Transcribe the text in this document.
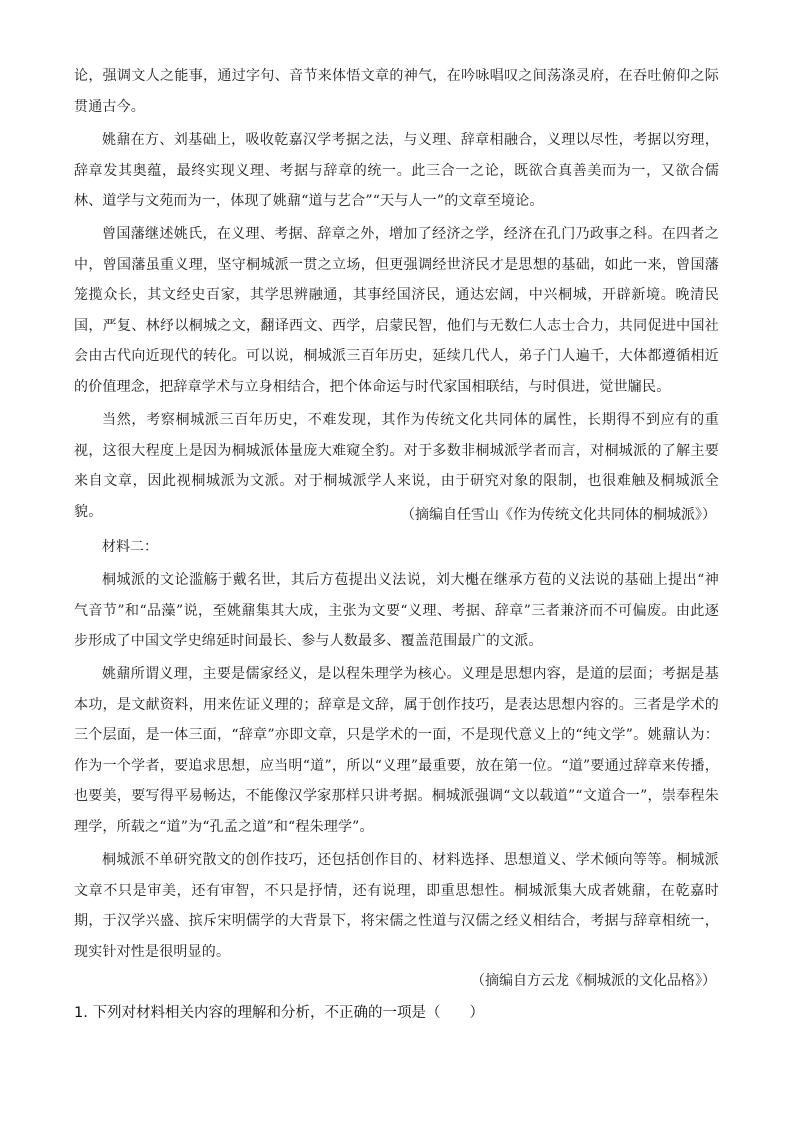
论，强调文人之能事，通过字句、音节来体悟文章的神气，在吟咏唱叹之间荡涤灵府，在吞吐俯仰之际贯通古今。

姚鼐在方、刘基础上，吸收乾嘉汉学考据之法，与义理、辞章相融合，义理以尽性，考据以穷理，辞章发其奥蕴，最终实现义理、考据与辞章的统一。此三合一之论，既欲合真善美而为一，又欲合儒林、道学与文苑而为一，体现了姚鼐“道与艺合”“天与人一”的文章至境论。

曾国藩继述姚氏，在义理、考据、辞章之外，增加了经济之学，经济在孔门乃政事之科。在四者之中，曾国藩虽重义理，坚守桐城派一贯之立场，但更强调经世济民才是思想的基础，如此一来，曾国藩笼揽众长，其文经史百家，其学思辨融通，其事经国济民，通达宏阔，中兴桐城，开辟新境。晚清民国，严复、林纾以桐城之文，翻译西文、西学，启蒙民智，他们与无数仁人志士合力，共同促进中国社会由古代向近现代的转化。可以说，桐城派三百年历史，延续几代人，弟子门人遍千，大体都遵循相近的价值理念，把辞章学术与立身相结合，把个体命运与时代家国相联结，与时俱进，觉世牖民。

当然，考察桐城派三百年历史，不难发现，其作为传统文化共同体的属性，长期得不到应有的重视，这很大程度上是因为桐城派体量庞大难窥全豹。对于多数非桐城派学者而言，对桐城派的了解主要来自文章，因此视桐城派为文派。对于桐城派学人来说，由于研究对象的限制，也很难触及桐城派全貌。	（摘编自任雪山《作为传统文化共同体的桐城派》）

材料二：

桐城派的文论滥觞于戴名世，其后方苞提出义法说，刘大櫆在继承方苞的义法说的基础上提出“神气音节”和“品藻”说，至姚鼐集其大成，主张为文要“义理、考据、辞章”三者兼济而不可偏废。由此逐步形成了中国文学史绵延时间最长、参与人数最多、覆盖范围最广的文派。

姚鼐所谓义理，主要是儒家经义，是以程朱理学为核心。义理是思想内容，是道的层面；考据是基本功，是文献资料，用来佐证义理的；辞章是文辞，属于创作技巧，是表达思想内容的。三者是学术的三个层面，是一体三面，“辞章”亦即文章，只是学术的一面，不是现代意义上的“纯文学”。姚鼐认为：作为一个学者，要追求思想，应当明“道”，所以“义理”最重要，放在第一位。“道”要通过辞章来传播，也要美，要写得平易畅达，不能像汉学家那样只讲考据。桐城派强调“文以载道”“文道合一”，崇奉程朱理学，所载之“道”为“孔孟之道”和“程朱理学”。

桐城派不单研究散文的创作技巧，还包括创作目的、材料选择、思想道义、学术倾向等等。桐城派文章不只是审美，还有审智，不只是抒情，还有说理，即重思想性。桐城派集大成者姚鼐，在乾嘉时期，于汉学兴盛、摈斥宋明儒学的大背景下，将宋儒之性道与汉儒之经义相结合，考据与辞章相统一，现实针对性是很明显的。

（摘编自方云龙《桐城派的文化品格》）

1. 下列对材料相关内容的理解和分析，不正确的一项是（　　）
